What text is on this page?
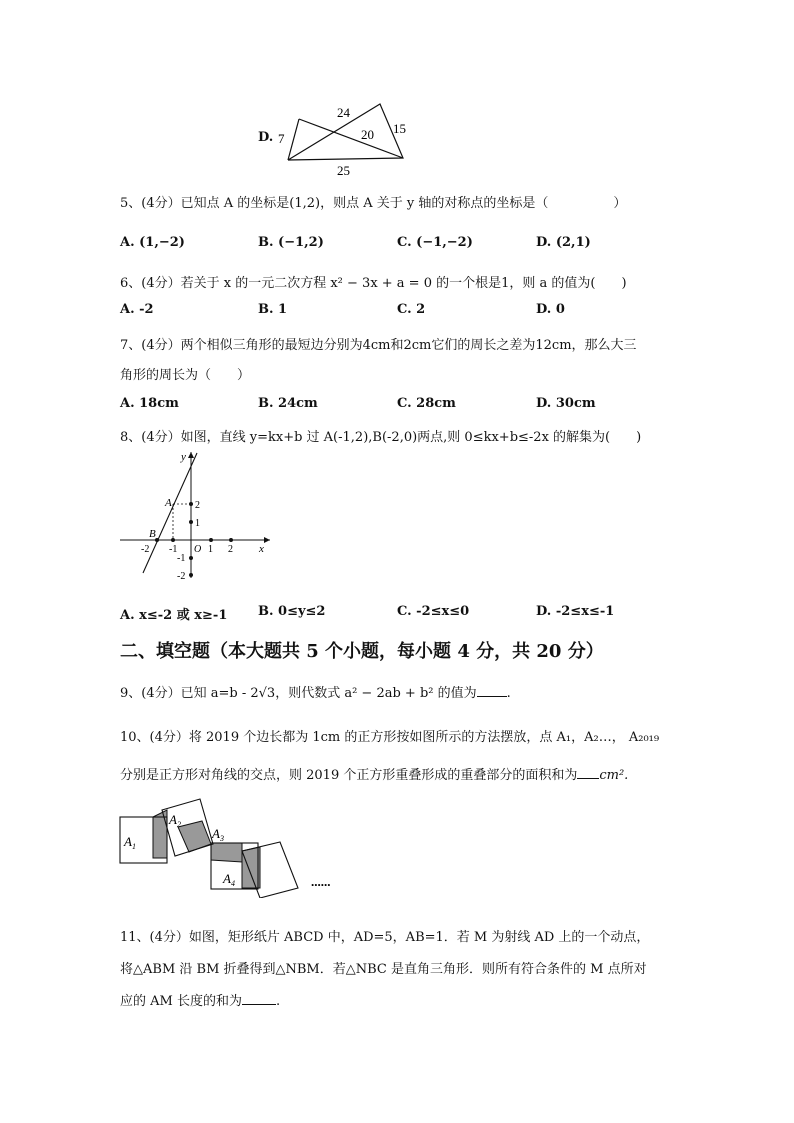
D. 7
24
20 15
25
5、(4分）已知点 A 的坐标是(1,2)，则点 A 关于 y 轴的对称点的坐标是（　　　　　）
A. (1,−2)	B. (−1,2)	C. (−1,−2)	D. (2,1)
6、(4分）若关于 x 的一元二次方程 x² − 3x + a = 0 的一个根是1，则 a 的值为(　　)
A. -2	B. 1	C. 2	D. 0
7、(4分）两个相似三角形的最短边分别为4cm和2cm它们的周长之差为12cm，那么大三
角形的周长为（　　）
A. 18cm	B. 24cm	C. 28cm	D. 30cm
8、(4分）如图，直线 y=kx+b 过 A(-1,2),B(-2,0)两点,则 0≤kx+b≤-2x 的解集为(　　)
y
x
2
1
-1
-2
-2 -1 O 1 2
A
B
A. x≤-2 或 x≥-1 B. 0≤y≤2	C. -2≤x≤0	D. -2≤x≤-1
二、填空题（本大题共 5 个小题，每小题 4 分，共 20 分）
9、(4分）已知 a=b - 2√3，则代数式 a² − 2ab + b² 的值为 .
10、(4分）将 2019 个边长都为 1cm 的正方形按如图所示的方法摆放，点 A₁，A₂…， A₂₀₁₉
分别是正方形对角线的交点，则 2019 个正方形重叠形成的重叠部分的面积和为 cm².
$A_1$
$A_2$
$A_3$
$A_4$	......
11、(4分）如图，矩形纸片 ABCD 中，AD=5，AB=1．若 M 为射线 AD 上的一个动点，
将△ABM 沿 BM 折叠得到△NBM．若△NBC 是直角三角形．则所有符合条件的 M 点所对
应的 AM 长度的和为	.
